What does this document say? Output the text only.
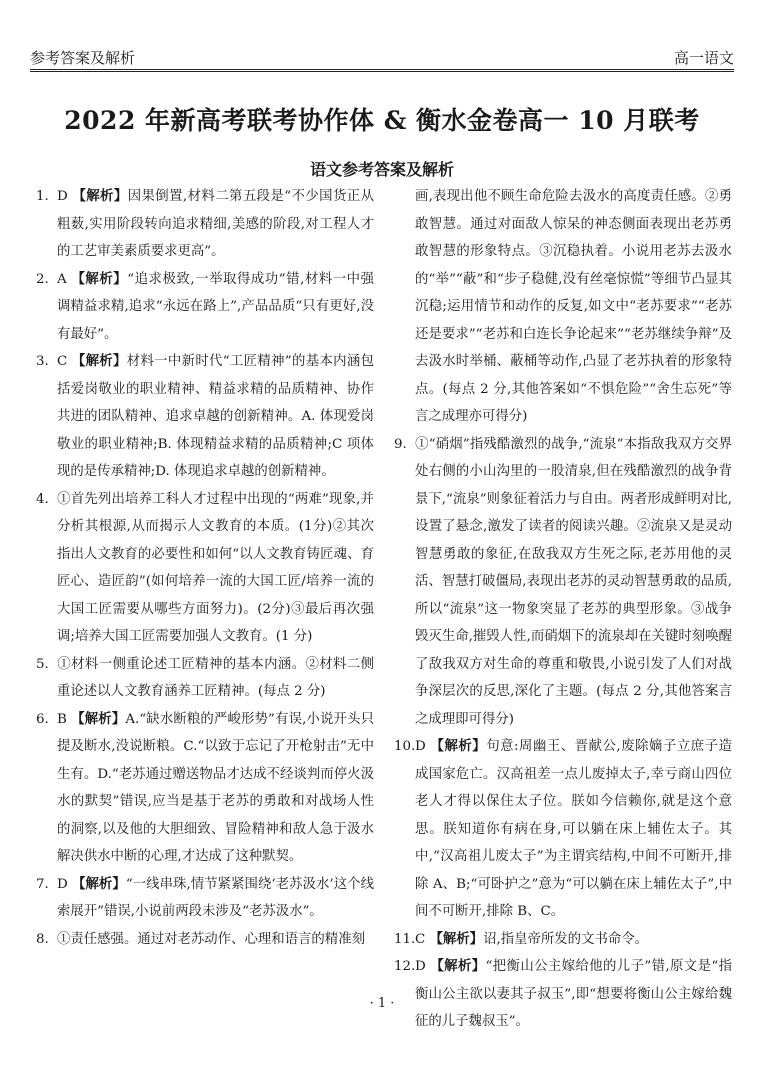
参考答案及解析	高一语文
2022 年新高考联考协作体 & 衡水金卷高一 10 月联考
语文参考答案及解析
1. D 【解析】因果倒置,材料二第五段是“不少国货正从粗薮,实用阶段转向追求精细,美感的阶段,对工程人才的工艺审美素质要求更高”。
2. A 【解析】“追求极致,一举取得成功”错,材料一中强调精益求精,追求“永远在路上”,产品品质“只有更好,没有最好”。
3. C 【解析】材料一中新时代“工匠精神”的基本内涵包括爱岗敬业的职业精神、精益求精的品质精神、协作共进的团队精神、追求卓越的创新精神。A. 体现爱岗敬业的职业精神;B. 体现精益求精的品质精神;C 项体现的是传承精神;D. 体现追求卓越的创新精神。
4. ①首先列出培养工科人才过程中出现的“两难”现象,并分析其根源,从而揭示人文教育的本质。(1分)②其次指出人文教育的必要性和如何“以人文教育铸匠魂、育匠心、造匠韵”(如何培养一流的大国工匠/培养一流的大国工匠需要从哪些方面努力)。(2分)③最后再次强调;培养大国工匠需要加强人文教育。(1 分)
5. ①材料一侧重论述工匠精神的基本内涵。②材料二侧重论述以人文教育涵养工匠精神。(每点 2 分)
6. B 【解析】A.“缺水断粮的严峻形势”有误,小说开头只提及断水,没说断粮。C.“以致于忘记了开枪射击”无中生有。D.“老苏通过赠送物品才达成不经谈判而停火汲水的默契”错误,应当是基于老苏的勇敢和对战场人性的洞察,以及他的大胆细致、冒险精神和敌人急于汲水解决供水中断的心理,才达成了这种默契。
7. D 【解析】“一线串珠,情节紧紧围绕‘老苏汲水’这个线索展开”错误,小说前两段未涉及“老苏汲水”。
8. ①责任感强。通过对老苏动作、心理和语言的精准刻
画,表现出他不顾生命危险去汲水的高度责任感。②勇敢智慧。通过对面敌人惊呆的神态侧面表现出老苏勇敢智慧的形象特点。③沉稳执着。小说用老苏去汲水的“举”“蔽”和“步子稳健,没有丝毫惊慌”等细节凸显其沉稳;运用情节和动作的反复,如文中“老苏要求”“老苏还是要求”“老苏和白连长争论起来”“老苏继续争辩”及去汲水时举桶、蔽桶等动作,凸显了老苏执着的形象特点。(每点 2 分,其他答案如“不惧危险”“舍生忘死”等言之成理亦可得分)
9. ①“硝烟”指残酷激烈的战争,“流泉”本指敌我双方交界处右侧的小山沟里的一股清泉,但在残酷激烈的战争背景下,“流泉”则象征着活力与自由。两者形成鲜明对比,设置了悬念,激发了读者的阅读兴趣。②流泉又是灵动智慧勇敢的象征,在敌我双方生死之际,老苏用他的灵活、智慧打破僵局,表现出老苏的灵动智慧勇敢的品质,所以“流泉”这一物象突显了老苏的典型形象。③战争毁灭生命,摧毁人性,而硝烟下的流泉却在关键时刻唤醒了敌我双方对生命的尊重和敬畏,小说引发了人们对战争深层次的反思,深化了主题。(每点 2 分,其他答案言之成理即可得分)
10.D 【解析】句意:周幽王、晋献公,废除嫡子立庶子造成国家危亡。汉高祖差一点儿废掉太子,幸亏商山四位老人才得以保住太子位。朕如今信赖你,就是这个意思。朕知道你有病在身,可以躺在床上辅佐太子。其中,“汉高祖儿废太子”为主谓宾结构,中间不可断开,排除 A、B;“可卧护之”意为“可以躺在床上辅佐太子”,中间不可断开,排除 B、C。
11.C 【解析】诏,指皇帝所发的文书命令。
12.D 【解析】“把衡山公主嫁给他的儿子”错,原文是“指衡山公主欲以妻其子叔玉”,即“想要将衡山公主嫁给魏征的儿子魏叔玉”。
· 1 ·
